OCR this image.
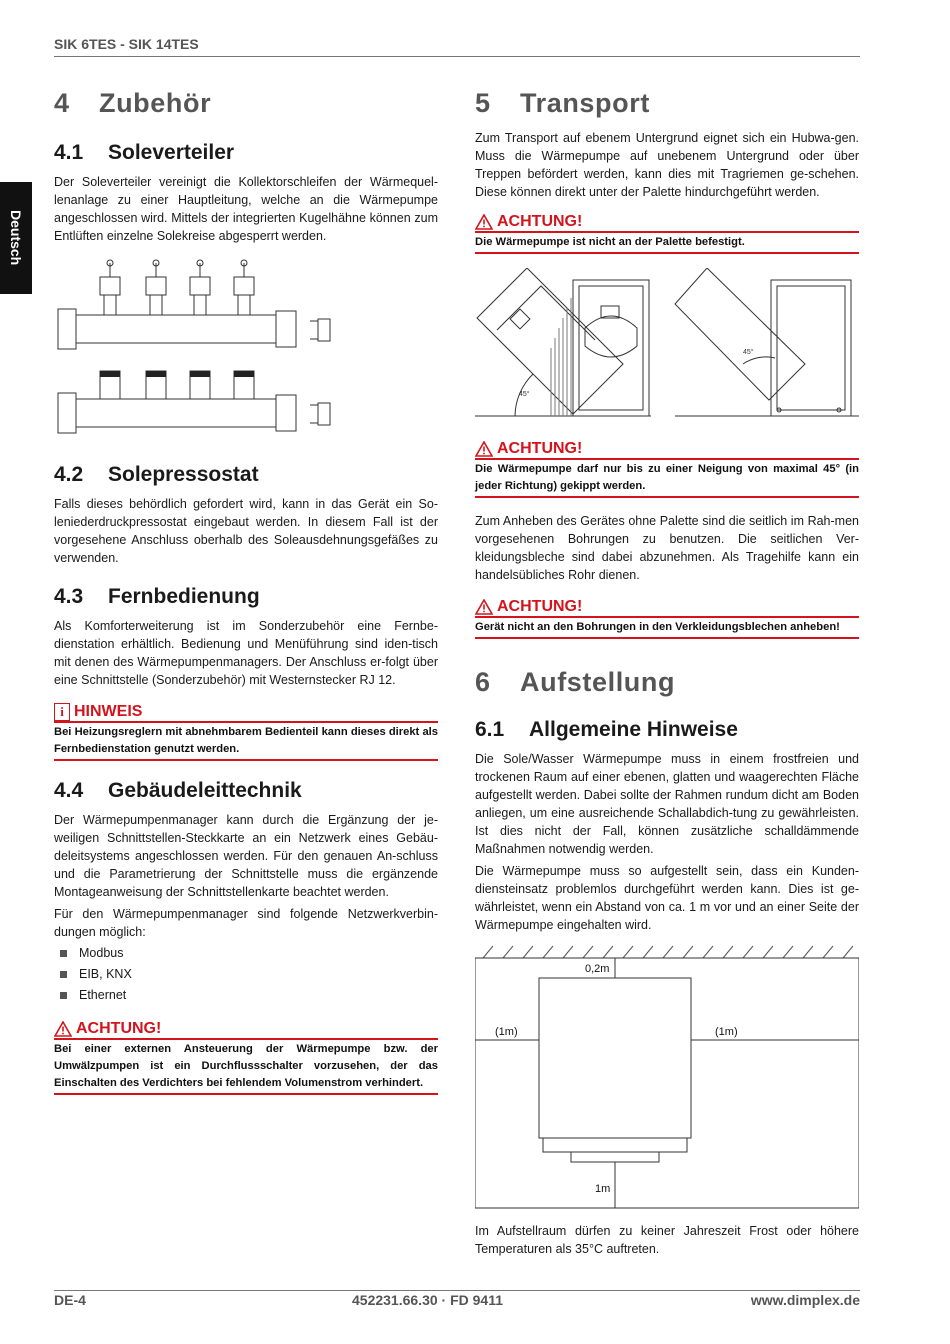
SIK 6TES - SIK 14TES
Deutsch
4 Zubehör
4.1 Soleverteiler

Der Soleverteiler vereinigt die Kollektorschleifen der Wärmequel-lenanlage zu einer Hauptleitung, welche an die Wärmepumpe angeschlossen wird. Mittels der integrierten Kugelhähne können zum Entlüften einzelne Solekreise abgesperrt werden.

4.2 Solepressostat

Falls dieses behördlich gefordert wird, kann in das Gerät ein So-leniederdruckpressostat eingebaut werden. In diesem Fall ist der vorgesehene Anschluss oberhalb des Soleausdehnungsgefäßes zu verwenden.

4.3 Fernbedienung

Als Komforterweiterung ist im Sonderzubehör eine Fernbe-dienstation erhältlich. Bedienung und Menüführung sind iden-tisch mit denen des Wärmepumpenmanagers. Der Anschluss er-folgt über eine Schnittstelle (Sonderzubehör) mit Westernstecker RJ 12.

i HINWEIS
Bei Heizungsreglern mit abnehmbarem Bedienteil kann dieses direkt als Fernbedienstation genutzt werden.
4.4 Gebäudeleittechnik

Der Wärmepumpenmanager kann durch die Ergänzung der je-weiligen Schnittstellen-Steckkarte an ein Netzwerk eines Gebäu-deleitsystems angeschlossen werden. Für den genauen An-schluss und die Parametrierung der Schnittstelle muss die ergänzende Montageanweisung der Schnittstellenkarte beachtet werden.

Für den Wärmepumpenmanager sind folgende Netzwerkverbin-dungen möglich:

Modbus
EIB, KNX
Ethernet
ACHTUNG!
Bei einer externen Ansteuerung der Wärmepumpe bzw. der Umwälzpumpen ist ein Durchflussschalter vorzusehen, der das Einschalten des Verdichters bei fehlendem Volumenstrom verhindert.
5 Transport

Zum Transport auf ebenem Untergrund eignet sich ein Hubwa-gen. Muss die Wärmepumpe auf unebenem Untergrund oder über Treppen befördert werden, kann dies mit Tragriemen ge-schehen. Diese können direkt unter der Palette hindurchgeführt werden.

ACHTUNG!
Die Wärmepumpe ist nicht an der Palette befestigt.
45°
45°
ACHTUNG!
Die Wärmepumpe darf nur bis zu einer Neigung von maximal 45° (in jeder Richtung) gekippt werden.

Zum Anheben des Gerätes ohne Palette sind die seitlich im Rah-men vorgesehenen Bohrungen zu benutzen. Die seitlichen Ver-kleidungsbleche sind dabei abzunehmen. Als Tragehilfe kann ein handelsübliches Rohr dienen.

ACHTUNG!
Gerät nicht an den Bohrungen in den Verkleidungsblechen anheben!
6 Aufstellung
6.1 Allgemeine Hinweise

Die Sole/Wasser Wärmepumpe muss in einem frostfreien und trockenen Raum auf einer ebenen, glatten und waagerechten Fläche aufgestellt werden. Dabei sollte der Rahmen rundum dicht am Boden anliegen, um eine ausreichende Schallabdich-tung zu gewährleisten. Ist dies nicht der Fall, können zusätzliche schalldämmende Maßnahmen notwendig werden.

Die Wärmepumpe muss so aufgestellt sein, dass ein Kunden-diensteinsatz problemlos durchgeführt werden kann. Dies ist ge-währleistet, wenn ein Abstand von ca. 1 m vor und an einer Seite der Wärmepumpe eingehalten wird.

0,2m
(1m)	(1m)
1m

Im Aufstellraum dürfen zu keiner Jahreszeit Frost oder höhere Temperaturen als 35°C auftreten.

DE-4	452231.66.30 · FD 9411	www.dimplex.de
